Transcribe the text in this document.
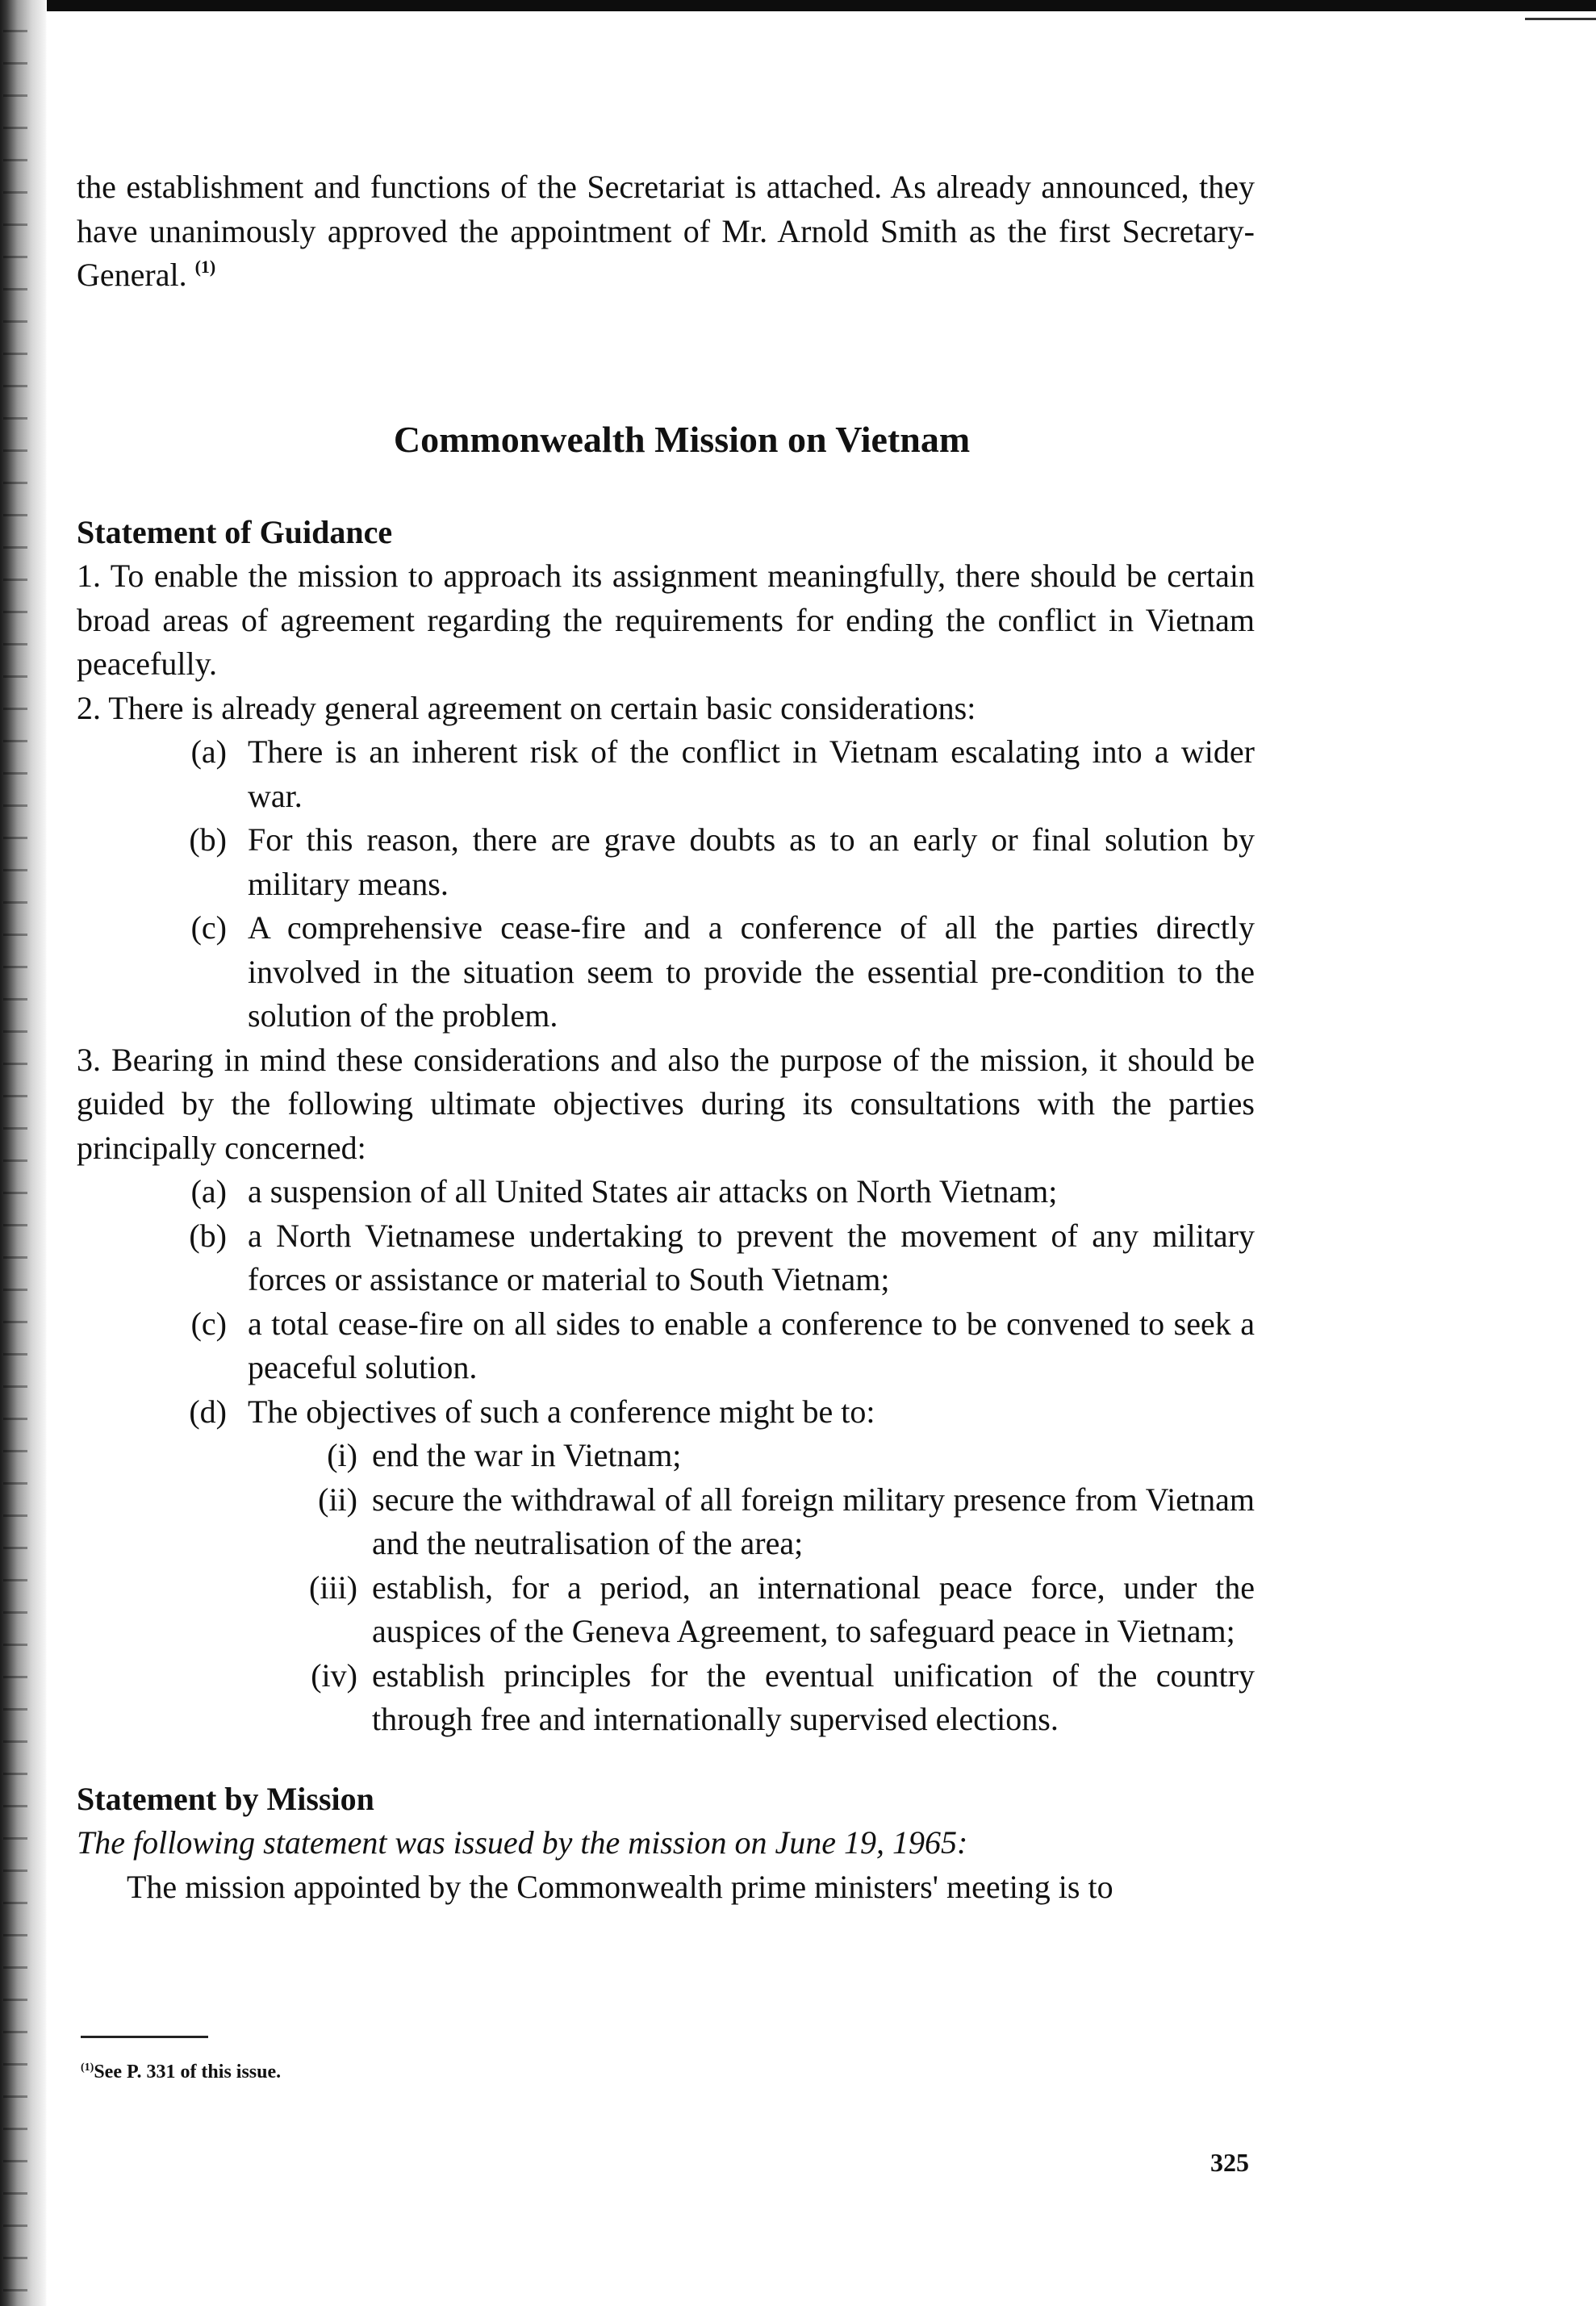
the establishment and functions of the Secretariat is attached. As already announced, they have unanimously approved the appointment of Mr. Arnold Smith as the first Secretary-General. $^{(1)}$

Commonwealth Mission on Vietnam
Statement of Guidance

1. To enable the mission to approach its assignment meaningfully, there should be certain broad areas of agreement regarding the requirements for ending the conflict in Vietnam peacefully.

2. There is already general agreement on certain basic considerations:

(a) There is an inherent risk of the conflict in Vietnam escalating into a wider war.
(b) For this reason, there are grave doubts as to an early or final solution by military means.
(c) A comprehensive cease-fire and a conference of all the parties directly involved in the situation seem to provide the essential pre-condition to the solution of the problem.

3. Bearing in mind these considerations and also the purpose of the mission, it should be guided by the following ultimate objectives during its consultations with the parties principally concerned:

(a) a suspension of all United States air attacks on North Vietnam;
(b) a North Vietnamese undertaking to prevent the movement of any military forces or assistance or material to South Vietnam;
(c) a total cease-fire on all sides to enable a conference to be convened to seek a peaceful solution.
(d) The objectives of such a conference might be to:
(i) end the war in Vietnam;
(ii) secure the withdrawal of all foreign military presence from Vietnam and the neutralisation of the area;
(iii) establish, for a period, an international peace force, under the auspices of the Geneva Agreement, to safeguard peace in Vietnam;
(iv) establish principles for the eventual unification of the country through free and internationally supervised elections.
Statement by Mission

The following statement was issued by the mission on June 19, 1965:

The mission appointed by the Commonwealth prime ministers' meeting is to

$^{(1)}$See P. 331 of this issue.
325
